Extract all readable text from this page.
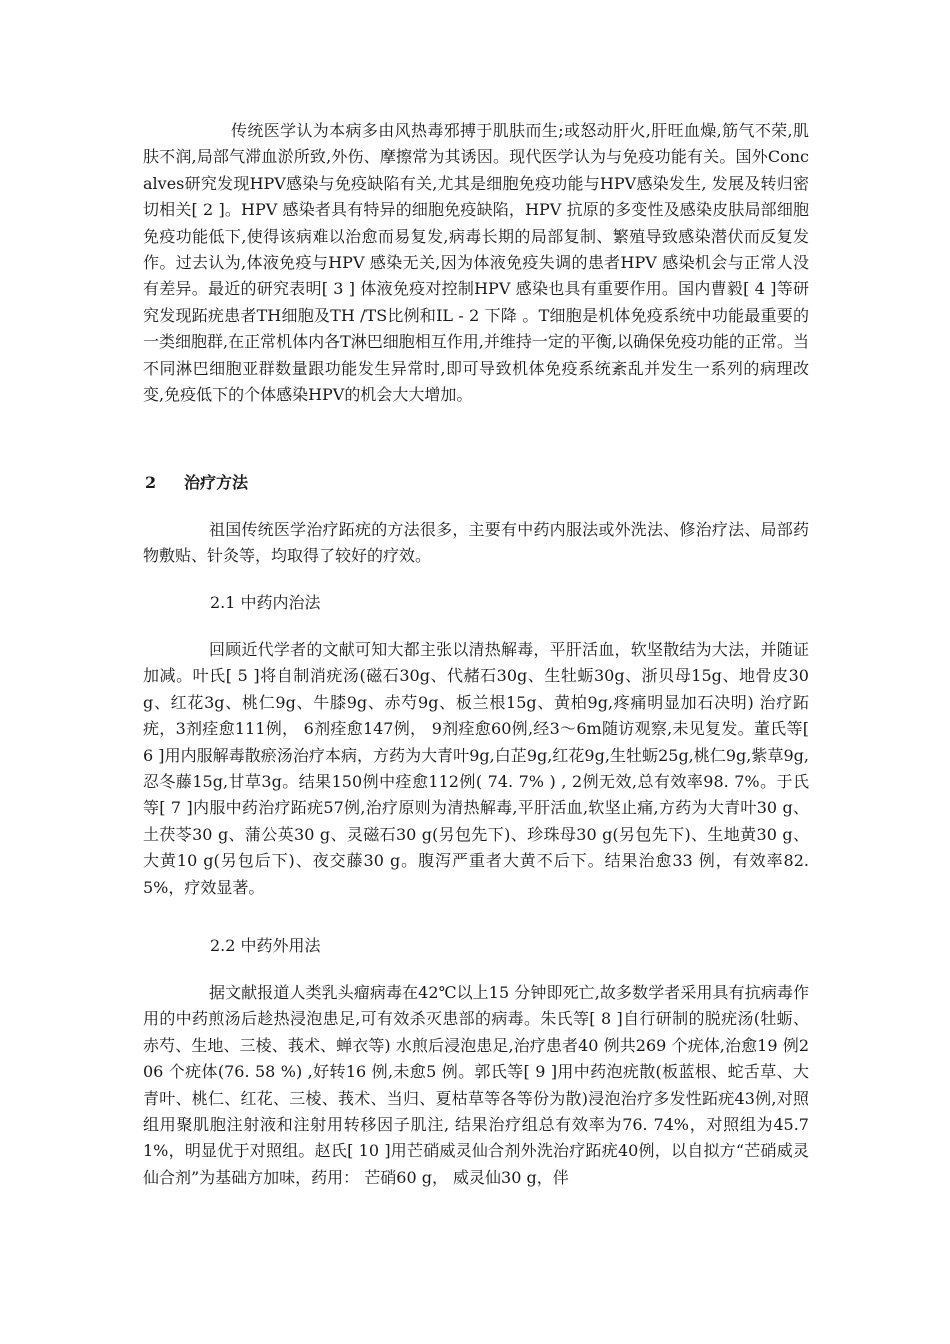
传统医学认为本病多由风热毒邪搏于肌肤而生;或怒动肝火,肝旺血燥,筋气不荣,肌肤不润,局部气滞血淤所致,外伤、摩擦常为其诱因。现代医学认为与免疫功能有关。国外Concalves研究发现HPV感染与免疫缺陷有关,尤其是细胞免疫功能与HPV感染发生, 发展及转归密切相关[ 2 ]。HPV 感染者具有特异的细胞免疫缺陷，HPV 抗原的多变性及感染皮肤局部细胞免疫功能低下,使得该病难以治愈而易复发,病毒长期的局部复制、繁殖导致感染潜伏而反复发作。过去认为,体液免疫与HPV 感染无关,因为体液免疫失调的患者HPV 感染机会与正常人没有差异。最近的研究表明[ 3 ] 体液免疫对控制HPV 感染也具有重要作用。国内曹毅[ 4 ]等研究发现跖疣患者TH细胞及TH /TS比例和IL - 2 下降 。T细胞是机体免疫系统中功能最重要的一类细胞群,在正常机体内各T淋巴细胞相互作用,并维持一定的平衡,以确保免疫功能的正常。当不同淋巴细胞亚群数量跟功能发生异常时,即可导致机体免疫系统紊乱并发生一系列的病理改变,免疫低下的个体感染HPV的机会大大增加。

2 治疗方法

祖国传统医学治疗跖疣的方法很多，主要有中药内服法或外洗法、修治疗法、局部药物敷贴、针灸等，均取得了较好的疗效。

2.1 中药内治法

回顾近代学者的文献可知大都主张以清热解毒，平肝活血，软坚散结为大法，并随证加减。叶氏[ 5 ]将自制消疣汤(磁石30g、代赭石30g、生牡蛎30g、浙贝母15g、地骨皮30g、红花3g、桃仁9g、牛膝9g、赤芍9g、板兰根15g、黄柏9g,疼痛明显加石决明) 治疗跖疣，3剂痊愈111例， 6剂痊愈147例， 9剂痊愈60例,经3～6m随访观察,未见复发。董氏等[ 6 ]用内服解毒散瘀汤治疗本病，方药为大青叶9g,白芷9g,红花9g,生牡蛎25g,桃仁9g,紫草9g,忍冬藤15g,甘草3g。结果150例中痊愈112例( 74. 7% ) , 2例无效,总有效率98. 7%。于氏等[ 7 ]内服中药治疗跖疣57例,治疗原则为清热解毒,平肝活血,软坚止痛,方药为大青叶30 g、土茯苓30 g、蒲公英30 g、灵磁石30 g(另包先下)、珍珠母30 g(另包先下)、生地黄30 g、大黄10 g(另包后下)、夜交藤30 g。腹泻严重者大黄不后下。结果治愈33 例，有效率82.5%，疗效显著。

2.2 中药外用法

据文献报道人类乳头瘤病毒在42℃以上15 分钟即死亡,故多数学者采用具有抗病毒作用的中药煎汤后趁热浸泡患足,可有效杀灭患部的病毒。朱氏等[ 8 ]自行研制的脱疣汤(牡蛎、赤芍、生地、三棱、莪术、蝉衣等) 水煎后浸泡患足,治疗患者40 例共269 个疣体,治愈19 例206 个疣体(76. 58 %) ,好转16 例,未愈5 例。郭氏等[ 9 ]用中药泡疣散(板蓝根、蛇舌草、大青叶、桃仁、红花、三棱、莪术、当归、夏枯草等各等份为散)浸泡治疗多发性跖疣43例,对照组用聚肌胞注射液和注射用转移因子肌注, 结果治疗组总有效率为76. 74%，对照组为45.71%，明显优于对照组。赵氏[ 10 ]用芒硝威灵仙合剂外洗治疗跖疣40例，以自拟方“芒硝威灵仙合剂”为基础方加味，药用： 芒硝60 g， 威灵仙30 g，伴
